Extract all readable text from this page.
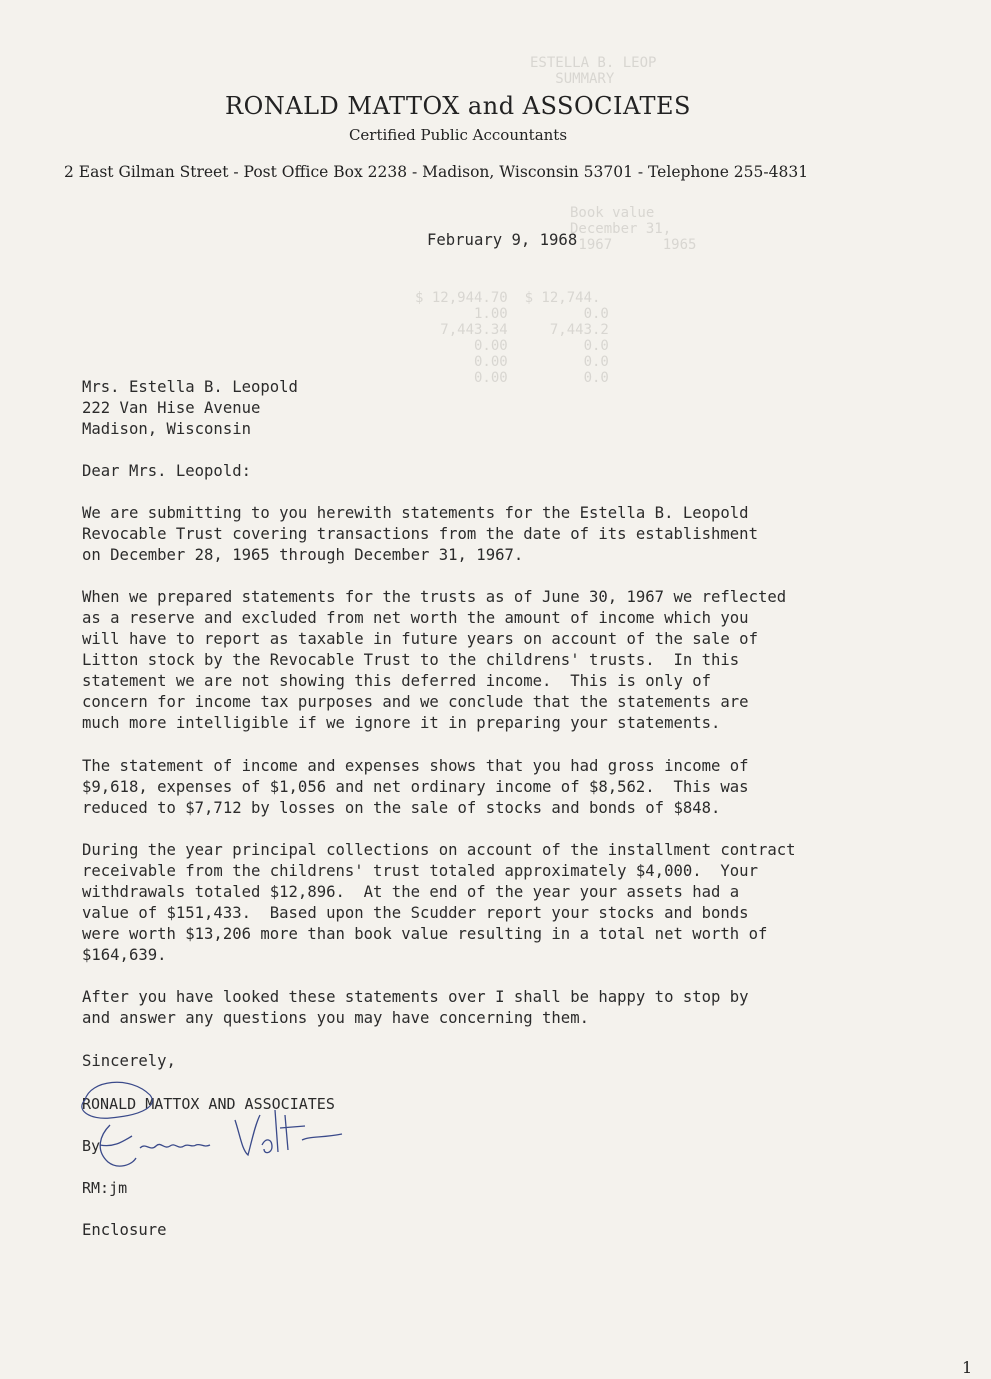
ESTELLA B. LEOP
SUMMARY
Book value
December 31,
1967      1965
$ 12,944.70  $ 12,744.
1.00         0.0
7,443.34     7,443.2
0.00         0.0
0.00         0.0
0.00         0.0
RONALD MATTOX and ASSOCIATES
Certified Public Accountants
2 East Gilman Street - Post Office Box 2238 - Madison, Wisconsin 53701 - Telephone 255-4831
February 9, 1968
Mrs. Estella B. Leopold
222 Van Hise Avenue
Madison, Wisconsin
Dear Mrs. Leopold:
We are submitting to you herewith statements for the Estella B. Leopold
Revocable Trust covering transactions from the date of its establishment
on December 28, 1965 through December 31, 1967.
When we prepared statements for the trusts as of June 30, 1967 we reflected
as a reserve and excluded from net worth the amount of income which you
will have to report as taxable in future years on account of the sale of
Litton stock by the Revocable Trust to the childrens' trusts.  In this
statement we are not showing this deferred income.  This is only of
concern for income tax purposes and we conclude that the statements are
much more intelligible if we ignore it in preparing your statements.
The statement of income and expenses shows that you had gross income of
$9,618, expenses of $1,056 and net ordinary income of $8,562.  This was
reduced to $7,712 by losses on the sale of stocks and bonds of $848.
During the year principal collections on account of the installment contract
receivable from the childrens' trust totaled approximately $4,000.  Your
withdrawals totaled $12,896.  At the end of the year your assets had a
value of $151,433.  Based upon the Scudder report your stocks and bonds
were worth $13,206 more than book value resulting in a total net worth of
$164,639.
After you have looked these statements over I shall be happy to stop by
and answer any questions you may have concerning them.
Sincerely,
RONALD MATTOX AND ASSOCIATES
By
RM:jm
Enclosure
1
